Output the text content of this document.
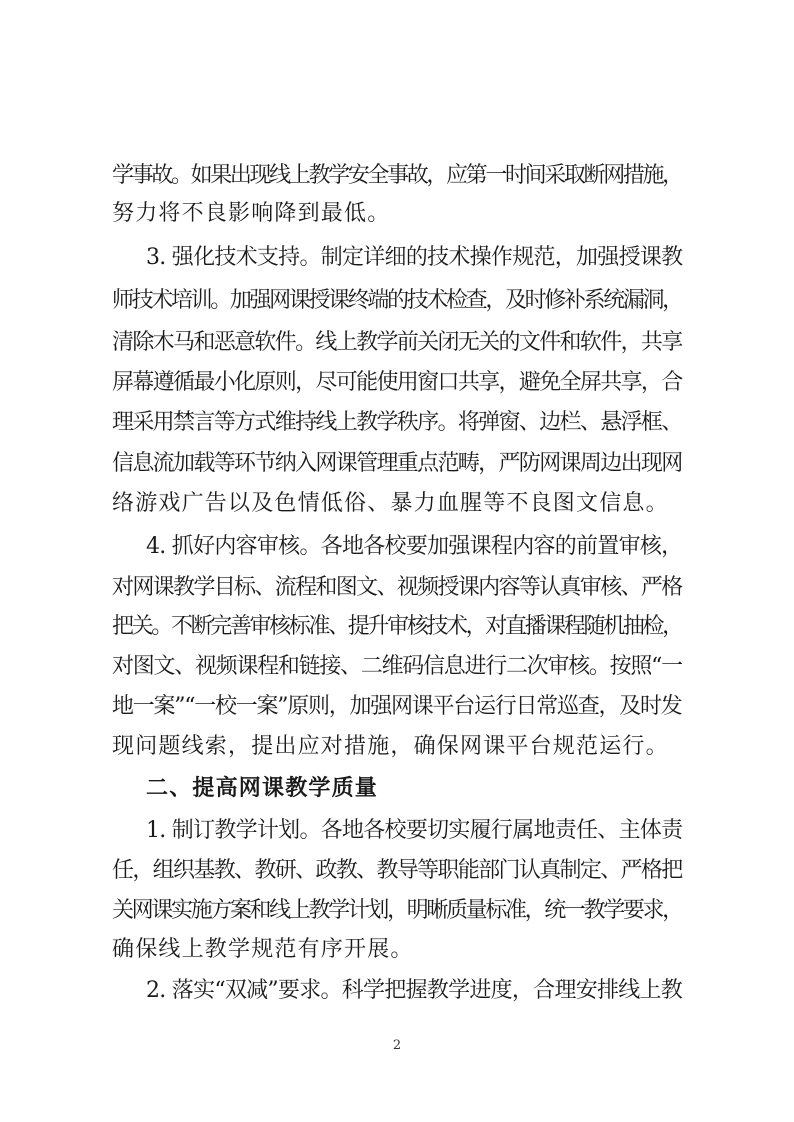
学事故。如果出现线上教学安全事故，应第一时间采取断网措施，
努力将不良影响降到最低。
3. 强化技术支持。制定详细的技术操作规范，加强授课教
师技术培训。加强网课授课终端的技术检查，及时修补系统漏洞，
清除木马和恶意软件。线上教学前关闭无关的文件和软件，共享
屏幕遵循最小化原则，尽可能使用窗口共享，避免全屏共享，合
理采用禁言等方式维持线上教学秩序。将弹窗、边栏、悬浮框、
信息流加载等环节纳入网课管理重点范畴，严防网课周边出现网
络游戏广告以及色情低俗、暴力血腥等不良图文信息。
4. 抓好内容审核。各地各校要加强课程内容的前置审核，
对网课教学目标、流程和图文、视频授课内容等认真审核、严格
把关。不断完善审核标准、提升审核技术，对直播课程随机抽检，
对图文、视频课程和链接、二维码信息进行二次审核。按照“一
地一案”“一校一案”原则，加强网课平台运行日常巡查，及时发
现问题线索，提出应对措施，确保网课平台规范运行。
二、提高网课教学质量
1. 制订教学计划。各地各校要切实履行属地责任、主体责
任，组织基教、教研、政教、教导等职能部门认真制定、严格把
关网课实施方案和线上教学计划，明晰质量标准，统一教学要求，
确保线上教学规范有序开展。
2. 落实“双减”要求。科学把握教学进度，合理安排线上教
2
